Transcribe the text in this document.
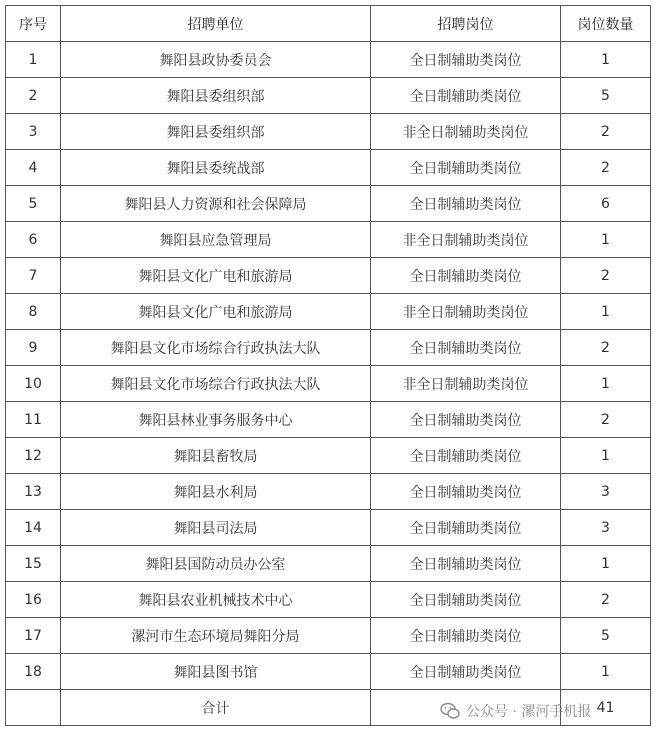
序号	招聘单位	招聘岗位	岗位数量
1	舞阳县政协委员会	全日制辅助类岗位	1
2	舞阳县委组织部	全日制辅助类岗位	5
3	舞阳县委组织部	非全日制辅助类岗位	2
4	舞阳县委统战部	全日制辅助类岗位	2
5	舞阳县人力资源和社会保障局	全日制辅助类岗位	6
6	舞阳县应急管理局	非全日制辅助类岗位	1
7	舞阳县文化广电和旅游局	全日制辅助类岗位	2
8	舞阳县文化广电和旅游局	非全日制辅助类岗位	1
9	舞阳县文化市场综合行政执法大队	全日制辅助类岗位	2
10	舞阳县文化市场综合行政执法大队	非全日制辅助类岗位	1
11	舞阳县林业事务服务中心	全日制辅助类岗位	2
12	舞阳县畜牧局	全日制辅助类岗位	1
13	舞阳县水利局	全日制辅助类岗位	3
14	舞阳县司法局	全日制辅助类岗位	3
15	舞阳县国防动员办公室	全日制辅助类岗位	1
16	舞阳县农业机械技术中心	全日制辅助类岗位	2
17	漯河市生态环境局舞阳分局	全日制辅助类岗位	5
18	舞阳县图书馆	全日制辅助类岗位	1
	合计		41
公众号 · 漯河手机报
